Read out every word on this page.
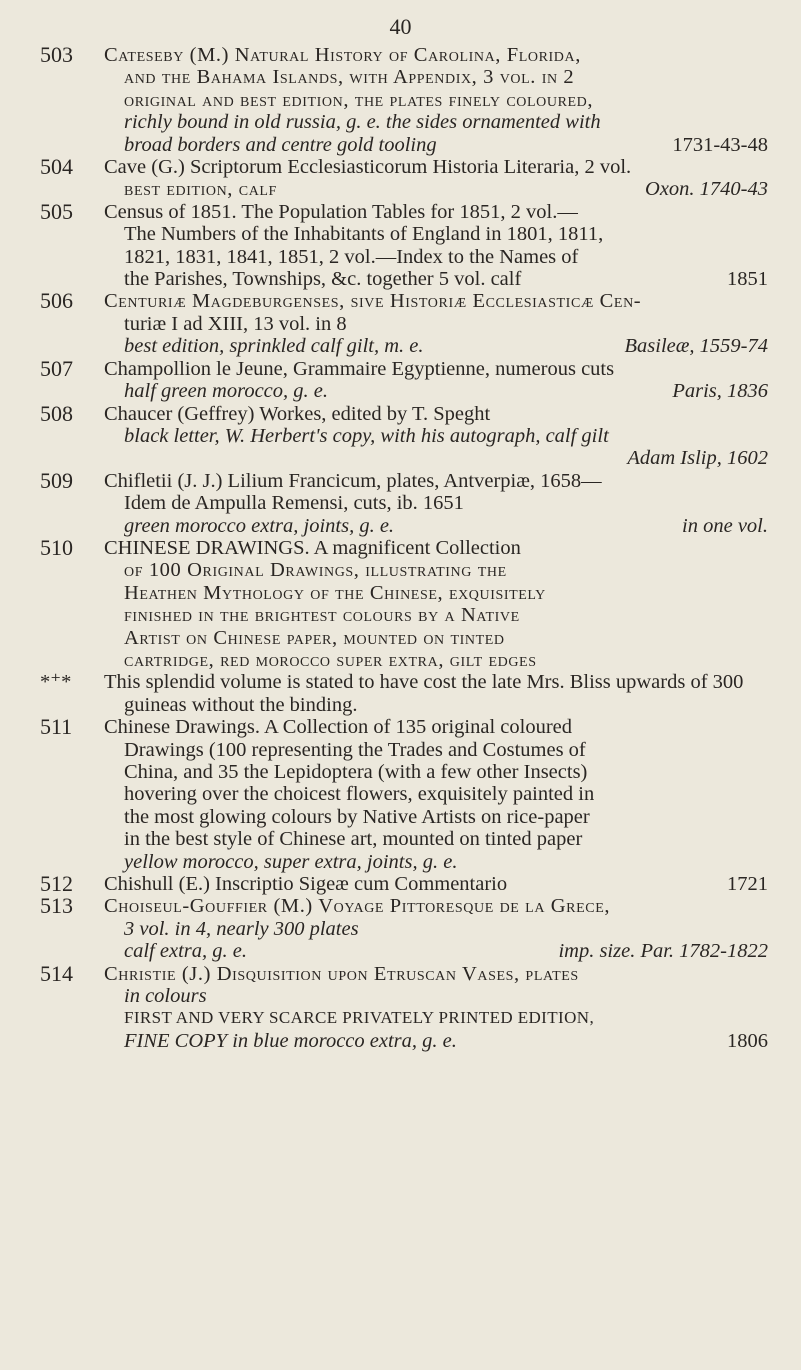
40
503 Cateseby (M.) Natural History of Carolina, Florida,
and the Bahama Islands, with Appendix, 3 vol. in 2
original and best edition, the plates finely coloured,
richly bound in old russia, g. e. the sides ornamented with
broad borders and centre gold tooling	1731-43-48
504 Cave (G.) Scriptorum Ecclesiasticorum Historia Literaria, 2 vol.
best edition, calf	Oxon. 1740-43
505 Census of 1851. The Population Tables for 1851, 2 vol.—
The Numbers of the Inhabitants of England in 1801, 1811,
1821, 1831, 1841, 1851, 2 vol.—Index to the Names of
the Parishes, Townships, &c. together 5 vol. calf	1851
506 Centuriæ Magdeburgenses, sive Historiæ Ecclesiasticæ Cen-
turiæ I ad XIII, 13 vol. in 8
best edition, sprinkled calf gilt, m. e.	Basileæ, 1559-74
507 Champollion le Jeune, Grammaire Egyptienne, numerous cuts
half green morocco, g. e.	Paris, 1836
508 Chaucer (Geffrey) Workes, edited by T. Speght
black letter, W. Herbert's copy, with his autograph, calf gilt
Adam Islip, 1602
509 Chifletii (J. J.) Lilium Francicum, plates, Antverpiæ, 1658—
Idem de Ampulla Remensi, cuts, ib. 1651
green morocco extra, joints, g. e.	in one vol.
510 CHINESE DRAWINGS. A magnificent Collection
of 100 Original Drawings, illustrating the
Heathen Mythology of the Chinese, exquisitely
finished in the brightest colours by a Native
Artist on Chinese paper, mounted on tinted
cartridge, red morocco super extra, gilt edges
*⁺* This splendid volume is stated to have cost the late Mrs. Bliss upwards of 300 guineas without the binding.
511 Chinese Drawings. A Collection of 135 original coloured
Drawings (100 representing the Trades and Costumes of
China, and 35 the Lepidoptera (with a few other Insects)
hovering over the choicest flowers, exquisitely painted in
the most glowing colours by Native Artists on rice-paper
in the best style of Chinese art, mounted on tinted paper
yellow morocco, super extra, joints, g. e.
512 Chishull (E.) Inscriptio Sigeæ cum Commentario	1721
513 Choiseul-Gouffier (M.) Voyage Pittoresque de la Grece,
3 vol. in 4, nearly 300 plates
calf extra, g. e.	imp. size. Par. 1782-1822
514 Christie (J.) Disquisition upon Etruscan Vases, plates
in colours
FIRST AND VERY SCARCE PRIVATELY PRINTED EDITION,
FINE COPY in blue morocco extra, g. e.	1806
